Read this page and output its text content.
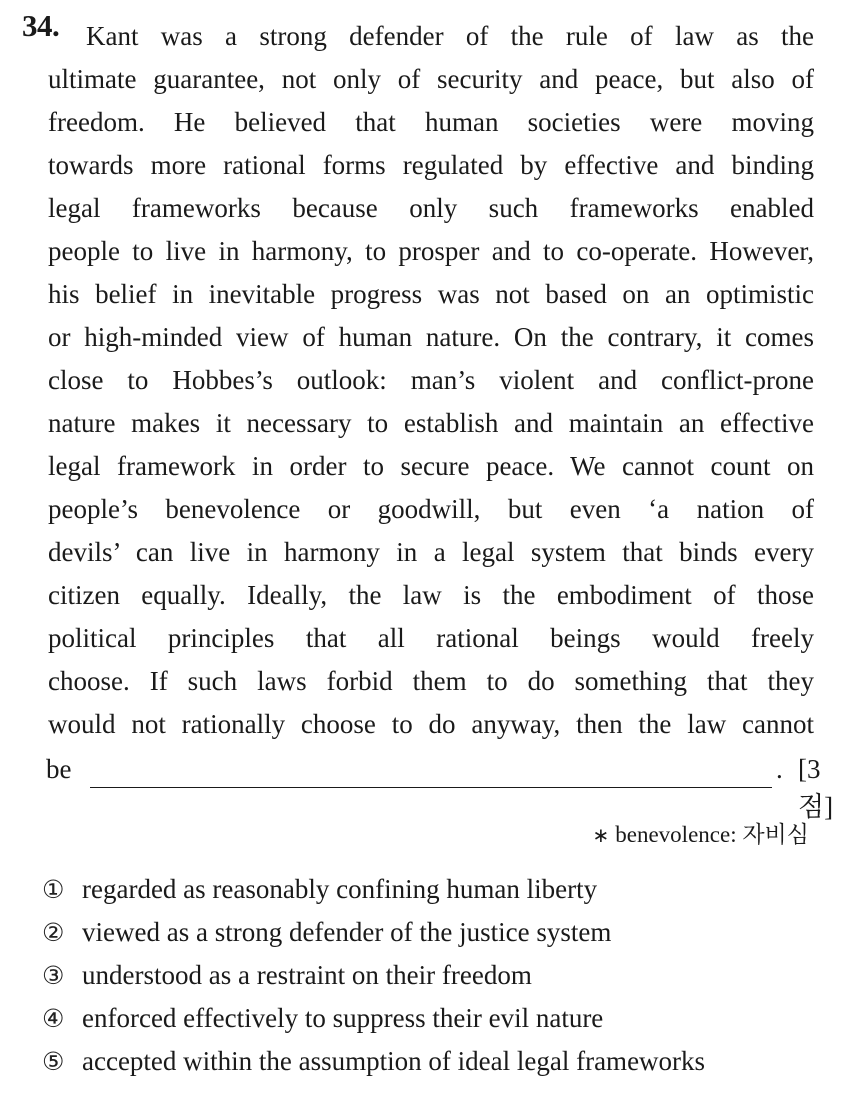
34. Kant was a strong defender of the rule of law as the
ultimate guarantee, not only of security and peace, but also of
freedom. He believed that human societies were moving
towards more rational forms regulated by effective and binding
legal frameworks because only such frameworks enabled
people to live in harmony, to prosper and to co-operate. However,
his belief in inevitable progress was not based on an optimistic
or high-minded view of human nature. On the contrary, it comes
close to Hobbes’s outlook: man’s violent and conflict-prone
nature makes it necessary to establish and maintain an effective
legal framework in order to secure peace. We cannot count on
people’s benevolence or goodwill, but even ‘a nation of
devils’ can live in harmony in a legal system that binds every
citizen equally. Ideally, the law is the embodiment of those
political principles that all rational beings would freely
choose. If such laws forbid them to do something that they
would not rationally choose to do anyway, then the law cannot
be	. [3점]
∗ benevolence: 자비심
① regarded as reasonably confining human liberty
② viewed as a strong defender of the justice system
③ understood as a restraint on their freedom
④ enforced effectively to suppress their evil nature
⑤ accepted within the assumption of ideal legal frameworks
